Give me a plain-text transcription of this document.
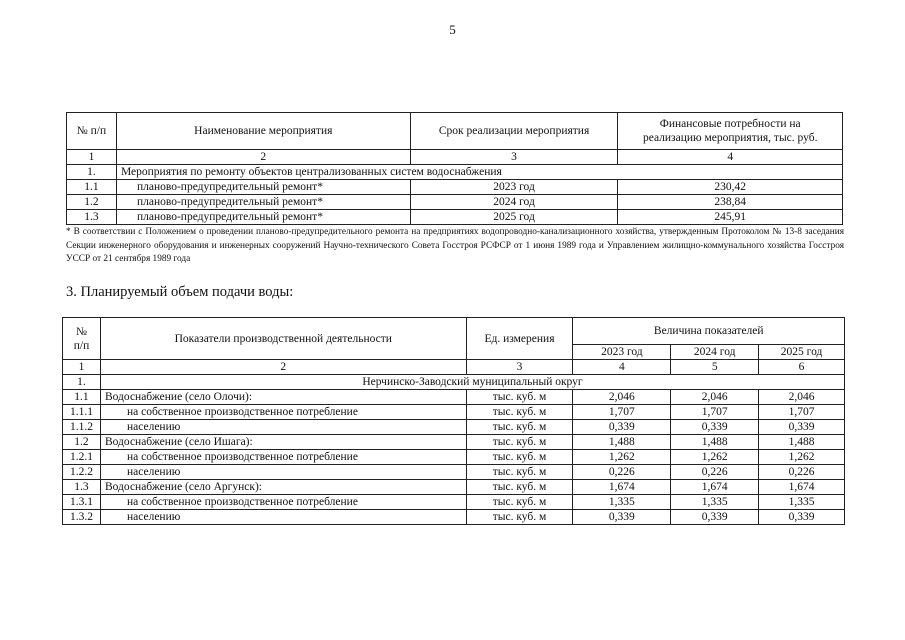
5
№ п/п	Наименование мероприятия	Срок реализации мероприятия	Финансовые потребности на реализацию мероприятия, тыс. руб.
1	2	3	4
1.	Мероприятия по ремонту объектов централизованных систем водоснабжения		
1.1	планово-предупредительный ремонт*	2023 год	230,42
1.2	планово-предупредительный ремонт*	2024 год	238,84
1.3	планово-предупредительный ремонт*	2025 год	245,91
* В соответствии с Положением о проведении планово-предупредительного ремонта на предприятиях водопроводно-канализационного хозяйства, утвержденным Протоколом № 13-8 заседания Секции инженерного оборудования и инженерных сооружений Научно-технического Совета Госстроя РСФСР от 1 июня 1989 года и Управлением жилищно-коммунального хозяйства Госстроя УССР от 21 сентября 1989 года
3. Планируемый объем подачи воды:
№ п/п	Показатели производственной деятельности	Ед. измерения	Величина показателей		
			2023 год	2024 год	2025 год
1	2	3	4	5	6
1.	Нерчинско-Заводский муниципальный округ				
1.1	Водоснабжение (село Олочи):	тыс. куб. м	2,046	2,046	2,046
1.1.1	на собственное производственное потребление	тыс. куб. м	1,707	1,707	1,707
1.1.2	населению	тыс. куб. м	0,339	0,339	0,339
1.2	Водоснабжение (село Ишага):	тыс. куб. м	1,488	1,488	1,488
1.2.1	на собственное производственное потребление	тыс. куб. м	1,262	1,262	1,262
1.2.2	населению	тыс. куб. м	0,226	0,226	0,226
1.3	Водоснабжение (село Аргунск):	тыс. куб. м	1,674	1,674	1,674
1.3.1	на собственное производственное потребление	тыс. куб. м	1,335	1,335	1,335
1.3.2	населению	тыс. куб. м	0,339	0,339	0,339
